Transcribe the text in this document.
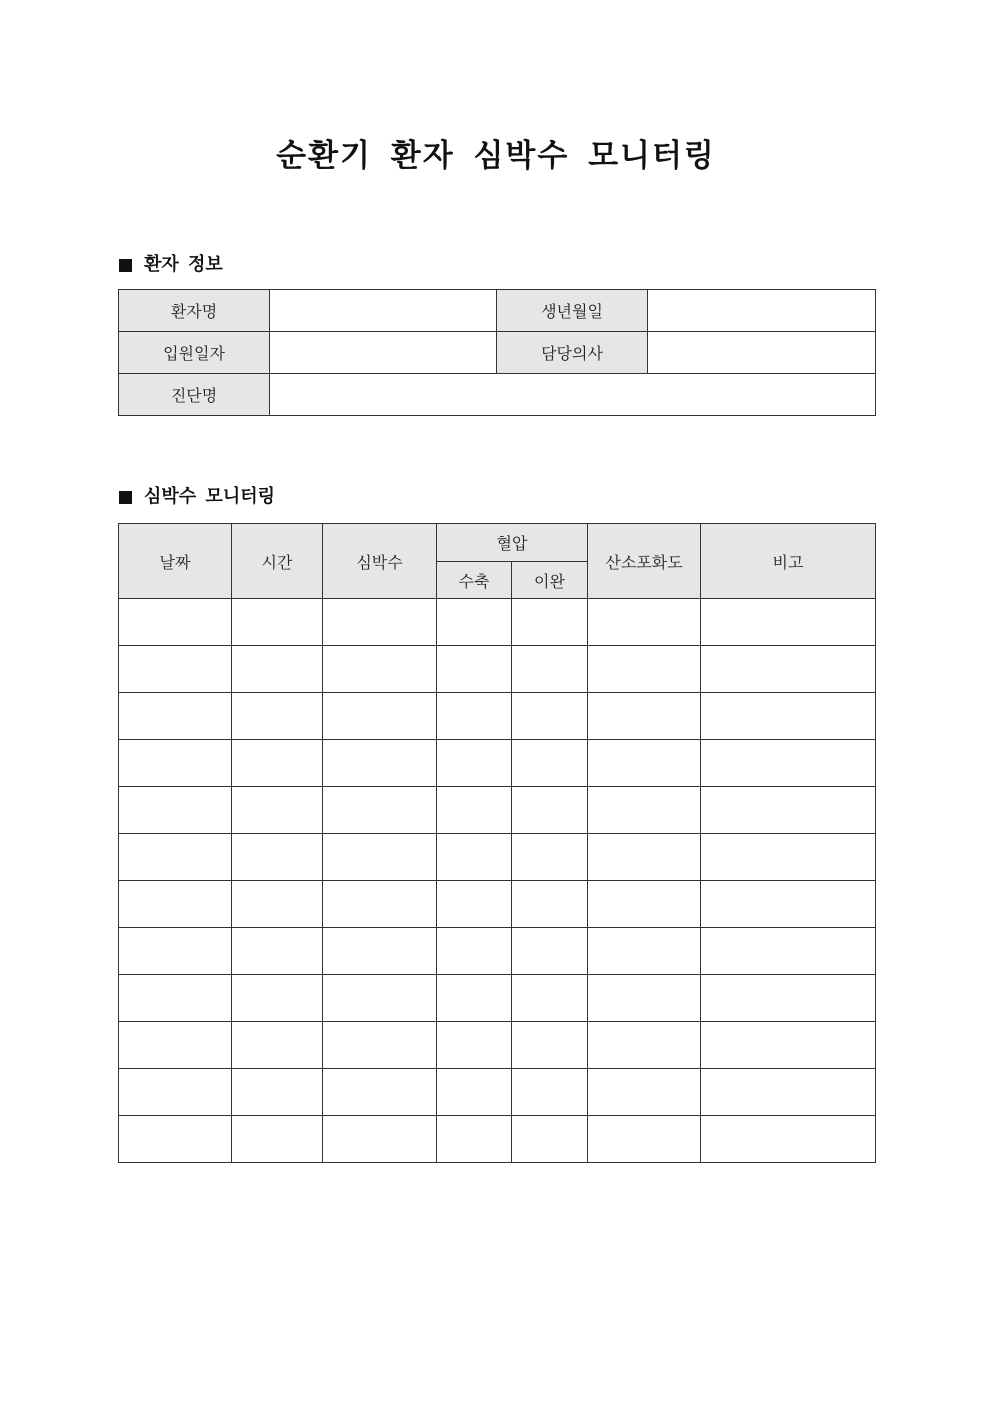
순환기 환자 심박수 모니터링
환자 정보
환자명		생년월일	
입원일자		담당의사	
진단명			
심박수 모니터링
날짜	시간	심박수	혈압		산소포화도	비고
			수축	이완		
